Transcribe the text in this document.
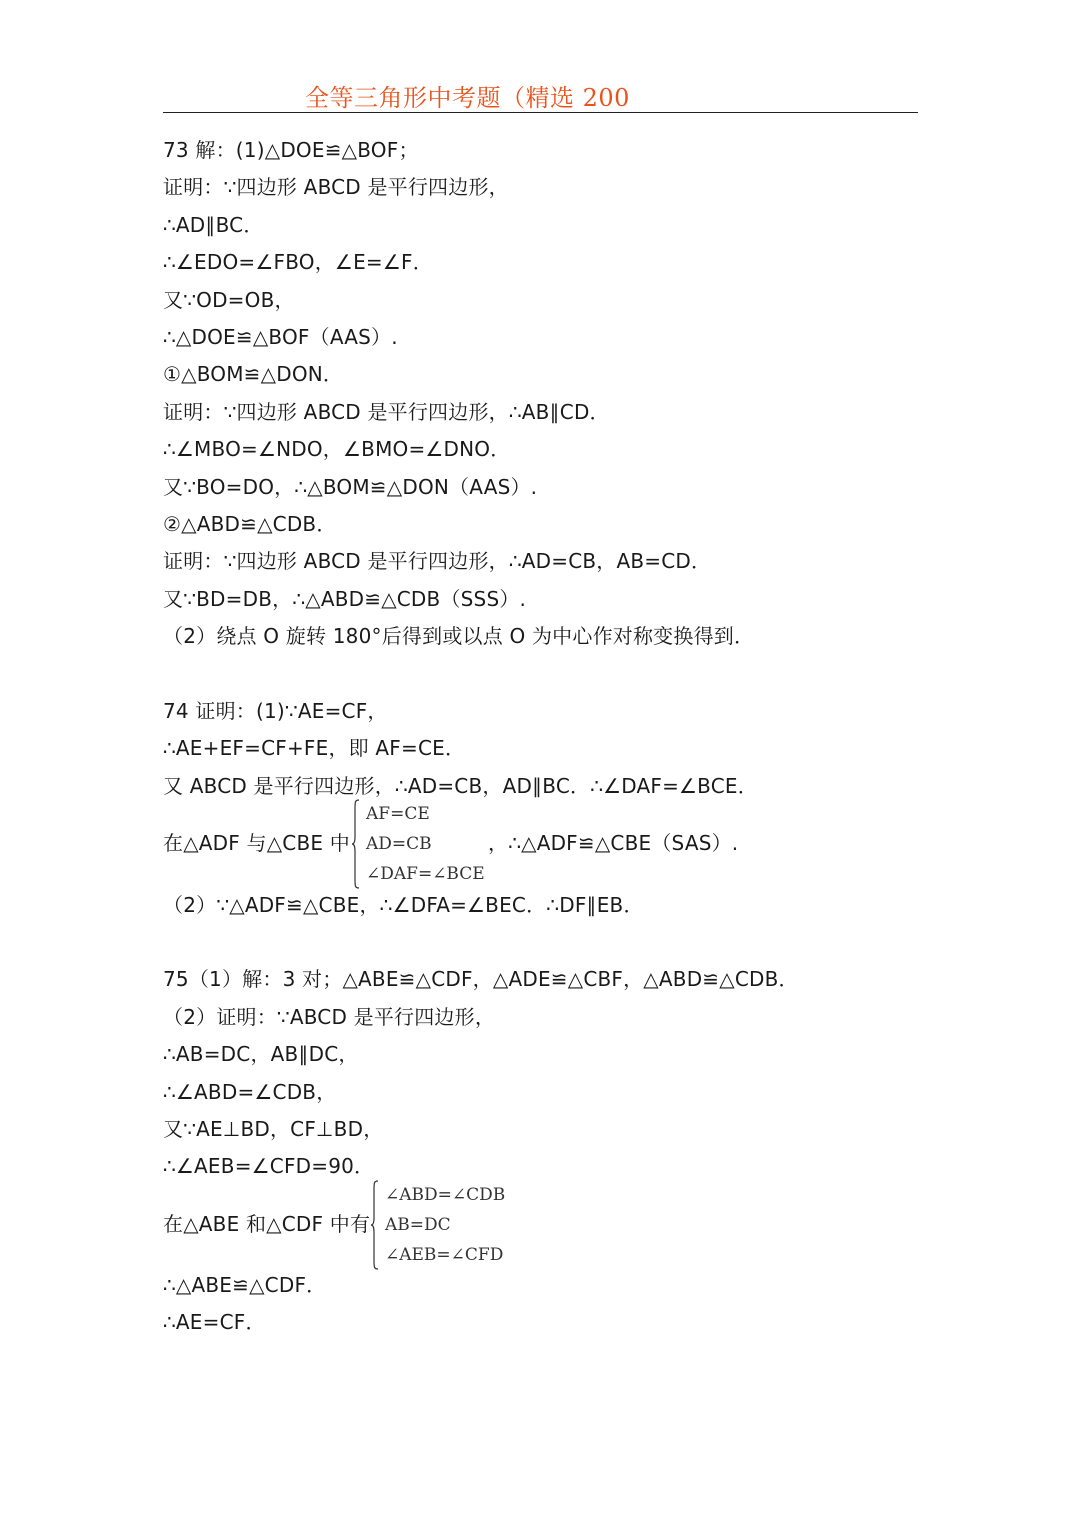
全等三角形中考题（精选 200
73 解：(1)△DOE≌△BOF；
证明：∵四边形 ABCD 是平行四边形，
∴AD∥BC．
∴∠EDO=∠FBO，∠E=∠F．
又∵OD=OB，
∴△DOE≌△BOF（AAS）.
①△BOM≌△DON．
证明：∵四边形 ABCD 是平行四边形，∴AB∥CD．
∴∠MBO=∠NDO，∠BMO=∠DNO．
又∵BO=DO，∴△BOM≌△DON（AAS）.
②△ABD≌△CDB．
证明：∵四边形 ABCD 是平行四边形，∴AD=CB，AB=CD．
又∵BD=DB，∴△ABD≌△CDB（SSS）.
（2）绕点 O 旋转 180°后得到或以点 O 为中心作对称变换得到．
74 证明：(1)∵AE=CF，
∴AE+EF=CF+FE，即 AF=CE．
又 ABCD 是平行四边形，∴AD=CB，AD∥BC．∴∠DAF=∠BCE．
在△ADF 与△CBE 中
AF=CE
AD=CB
∠DAF=∠BCE
，∴△ADF≌△CBE（SAS）.
（2）∵△ADF≌△CBE，∴∠DFA=∠BEC．∴DF∥EB．
75（1）解：3 对；△ABE≌△CDF，△ADE≌△CBF，△ABD≌△CDB．
（2）证明：∵ABCD 是平行四边形，
∴AB=DC，AB∥DC，
∴∠ABD=∠CDB，
又∵AE⊥BD，CF⊥BD，
∴∠AEB=∠CFD=90．
在△ABE 和△CDF 中有
∠ABD=∠CDB
AB=DC
∠AEB=∠CFD
∴△ABE≌△CDF．
∴AE=CF．
